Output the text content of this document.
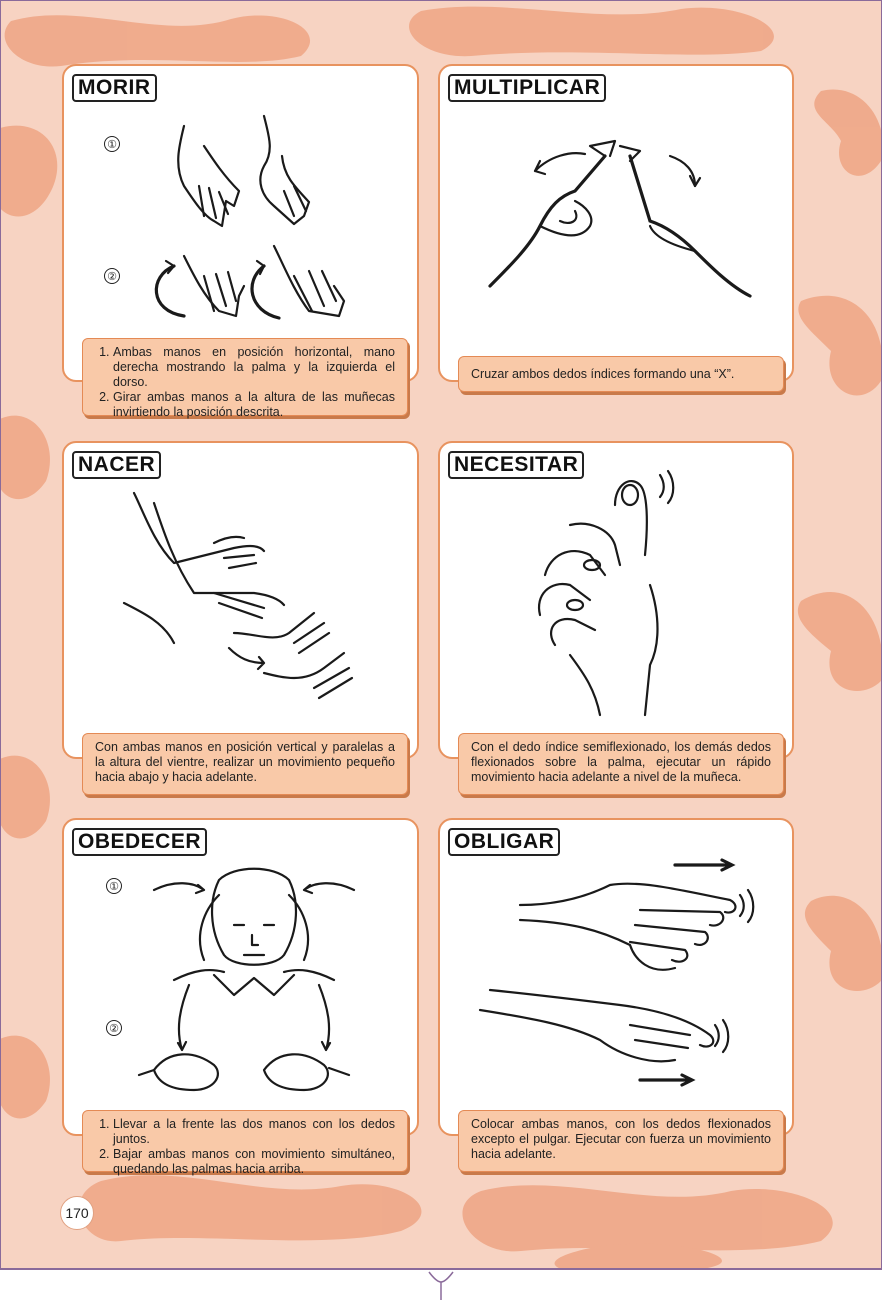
MORIR
①
②
1. Ambas manos en posición horizontal, mano derecha mostrando la palma y la izquierda el dorso.
2. Girar ambas manos a la altura de las muñecas invirtiendo la posición descrita.
MULTIPLICAR

Cruzar ambos dedos índices formando una “X”.

NACER

Con ambas manos en posición vertical y paralelas a la altura del vientre, realizar un movimiento pequeño hacia abajo y hacia adelante.

NECESITAR

Con el dedo índice semiflexionado, los demás dedos flexionados sobre la palma, ejecutar un rápido movimiento hacia adelante a nivel de la muñeca.

OBEDECER
①
②
1. Llevar a la frente las dos manos con los dedos juntos.
2. Bajar ambas manos con movimiento simultáneo, quedando las palmas hacia arriba.
OBLIGAR

Colocar ambas manos, con los dedos flexionados excepto el pulgar. Ejecutar con fuerza un movimiento hacia adelante.

170
